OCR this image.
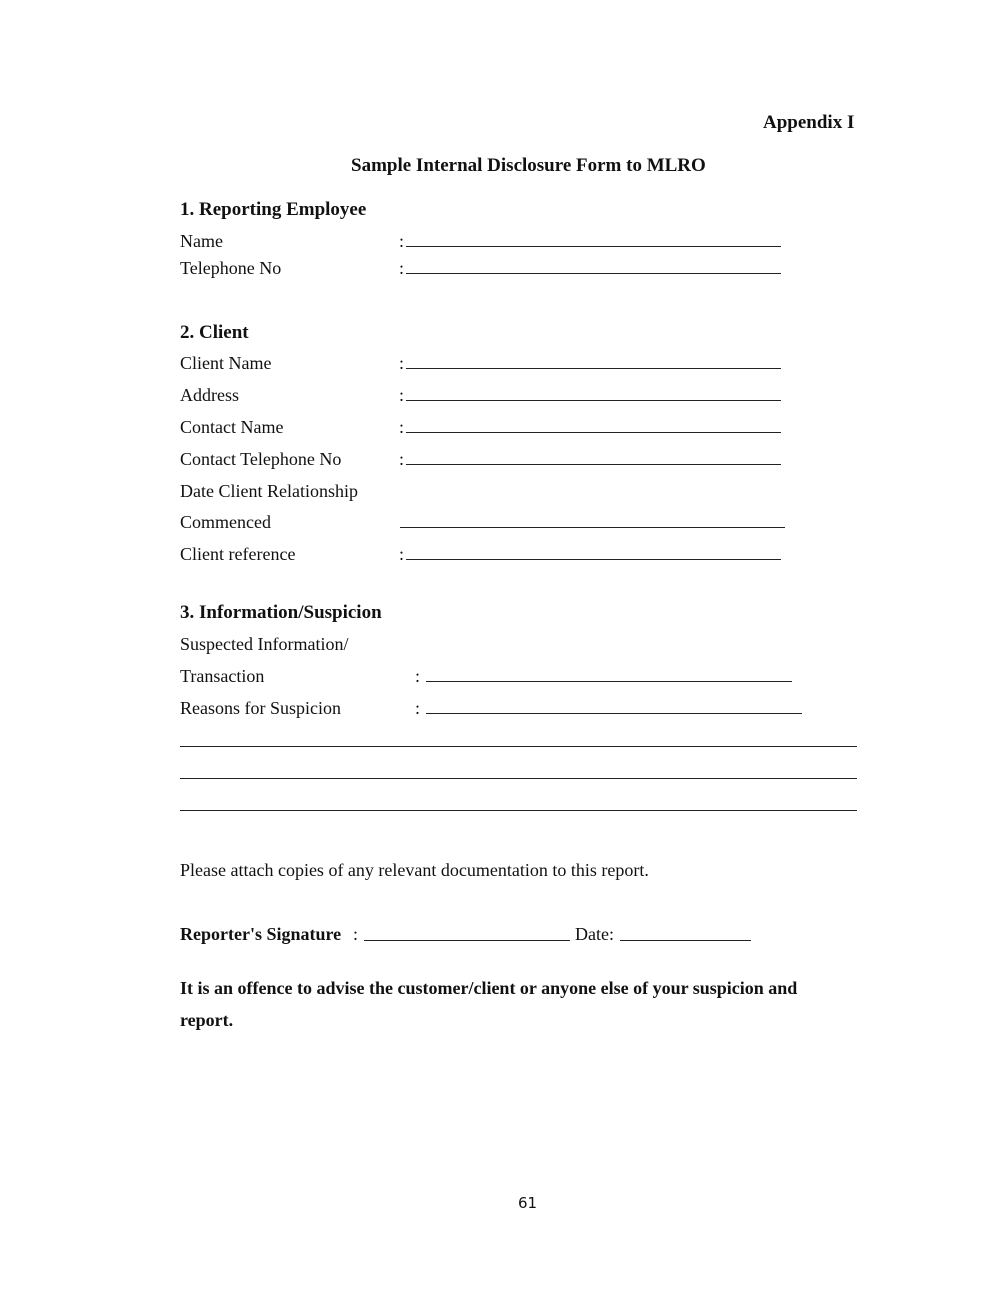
Appendix I
Sample Internal Disclosure Form to MLRO
1. Reporting Employee
Name	:
Telephone No	:
2. Client
Client Name	:
Address	:
Contact Name	:
Contact Telephone No	:
Date Client Relationship
Commenced
Client reference	:
3. Information/Suspicion
Suspected Information/
Transaction	:
Reasons for Suspicion	:
Please attach copies of any relevant documentation to this report.
Reporter's Signature :	Date:
It is an offence to advise the customer/client or anyone else of your suspicion and
report.
61
